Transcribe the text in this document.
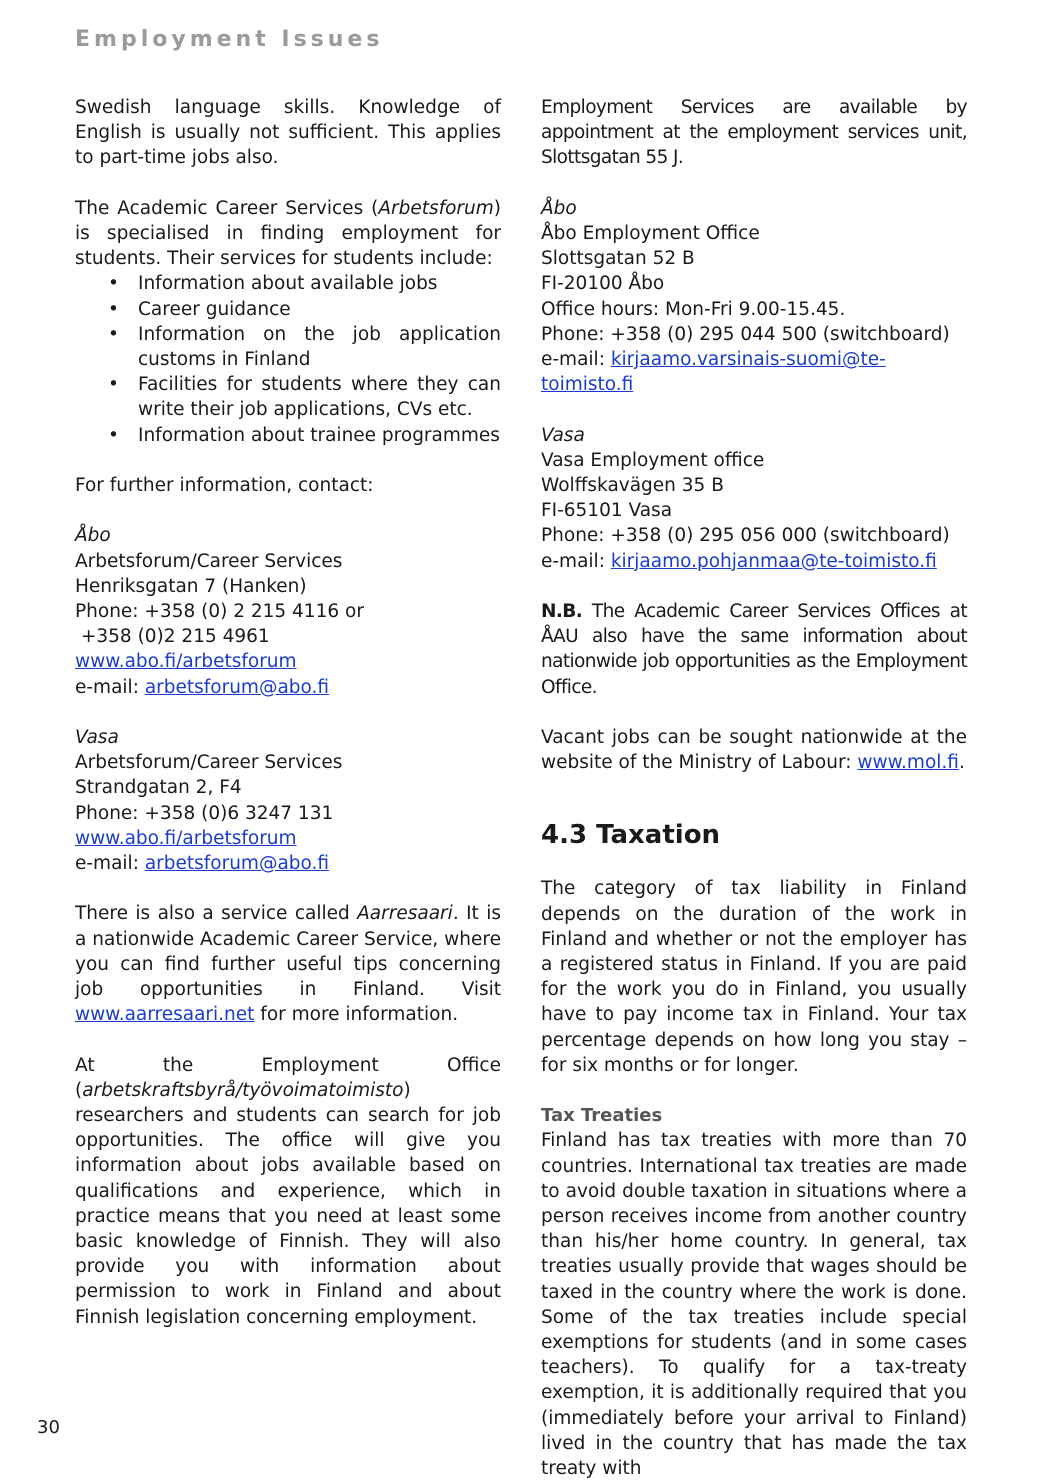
Employment Issues

Swedish language skills. Knowledge of English is usually not sufficient. This applies to part-time jobs also.

The Academic Career Services (Arbetsforum) is specialised in finding employment for students. Their services for students include:

• Information about available jobs
• Career guidance
• Information on the job application customs in Finland
• Facilities for students where they can write their job applications, CVs etc.
• Information about trainee programmes

For further information, contact:

Åbo
Arbetsforum/Career Services
Henriksgatan 7 (Hanken)
Phone: +358 (0) 2 215 4116 or
+358 (0)2 215 4961
www.abo.fi/arbetsforum
e-mail: arbetsforum@abo.fi
Vasa
Arbetsforum/Career Services
Strandgatan 2, F4
Phone: +358 (0)6 3247 131
www.abo.fi/arbetsforum
e-mail: arbetsforum@abo.fi

There is also a service called Aarresaari. It is a nationwide Academic Career Service, where you can find further useful tips concerning job opportunities in Finland. Visit www.aarresaari.net for more information.

At the Employment Office (arbetskraftsbyrå/työvoimatoimisto) researchers and students can search for job opportunities. The office will give you information about jobs available based on qualifications and experience, which in practice means that you need at least some basic knowledge of Finnish. They will also provide you with information about permission to work in Finland and about Finnish legislation concerning employment.

Employment Services are available by appointment at the employment services unit, Slottsgatan 55 J.

Åbo
Åbo Employment Office
Slottsgatan 52 B
FI-20100 Åbo
Office hours: Mon-Fri 9.00-15.45.
Phone: +358 (0) 295 044 500 (switchboard)
e-mail: kirjaamo.varsinais-suomi@te-toimisto.fi
Vasa
Vasa Employment office
Wolffskavägen 35 B
FI-65101 Vasa
Phone: +358 (0) 295 056 000 (switchboard)
e-mail: kirjaamo.pohjanmaa@te-toimisto.fi

N.B. The Academic Career Services Offices at ÅAU also have the same information about nationwide job opportunities as the Employment Office.

Vacant jobs can be sought nationwide at the website of the Ministry of Labour: www.mol.fi.

4.3 Taxation

The category of tax liability in Finland depends on the duration of the work in Finland and whether or not the employer has a registered status in Finland. If you are paid for the work you do in Finland, you usually have to pay income tax in Finland. Your tax percentage depends on how long you stay – for six months or for longer.

Tax Treaties

Finland has tax treaties with more than 70 countries. International tax treaties are made to avoid double taxation in situations where a person receives income from another country than his/her home country. In general, tax treaties usually provide that wages should be taxed in the country where the work is done. Some of the tax treaties include special exemptions for students (and in some cases teachers). To qualify for a tax-treaty exemption, it is additionally required that you (immediately before your arrival to Finland) lived in the country that has made the tax treaty with

30
